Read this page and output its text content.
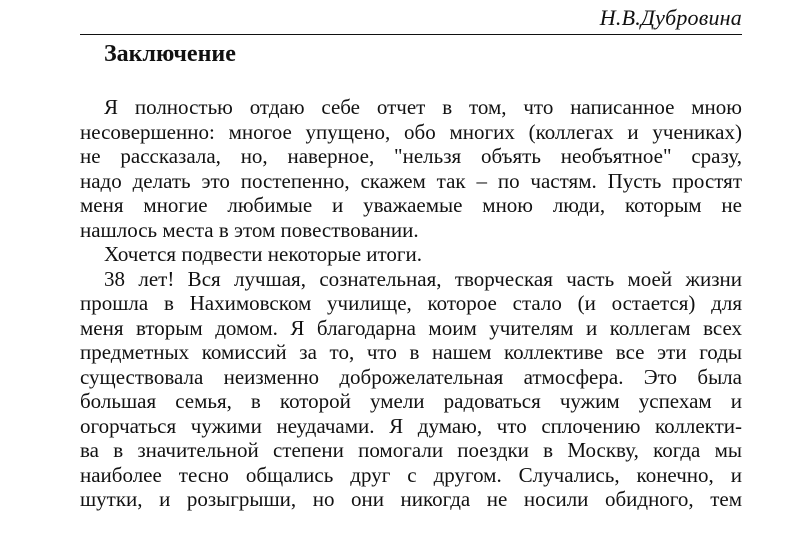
Н.В.Дубровина
Заключение
Я полностью отдаю себе отчет в том, что написанное мною
несовершенно: многое упущено, обо многих (коллегах и учениках)
не рассказала, но, наверное, "нельзя объять необъятное" сразу,
надо делать это постепенно, скажем так – по частям. Пусть простят
меня многие любимые и уважаемые мною люди, которым не
нашлось места в этом повествовании.
Хочется подвести некоторые итоги.
38 лет! Вся лучшая, сознательная, творческая часть моей жизни
прошла в Нахимовском училище, которое стало (и остается) для
меня вторым домом. Я благодарна моим учителям и коллегам всех
предметных комиссий за то, что в нашем коллективе все эти годы
существовала неизменно доброжелательная атмосфера. Это была
большая семья, в которой умели радоваться чужим успехам и
огорчаться чужими неудачами. Я думаю, что сплочению коллекти-
ва в значительной степени помогали поездки в Москву, когда мы
наиболее тесно общались друг с другом. Случались, конечно, и
шутки, и розыгрыши, но они никогда не носили обидного, тем
